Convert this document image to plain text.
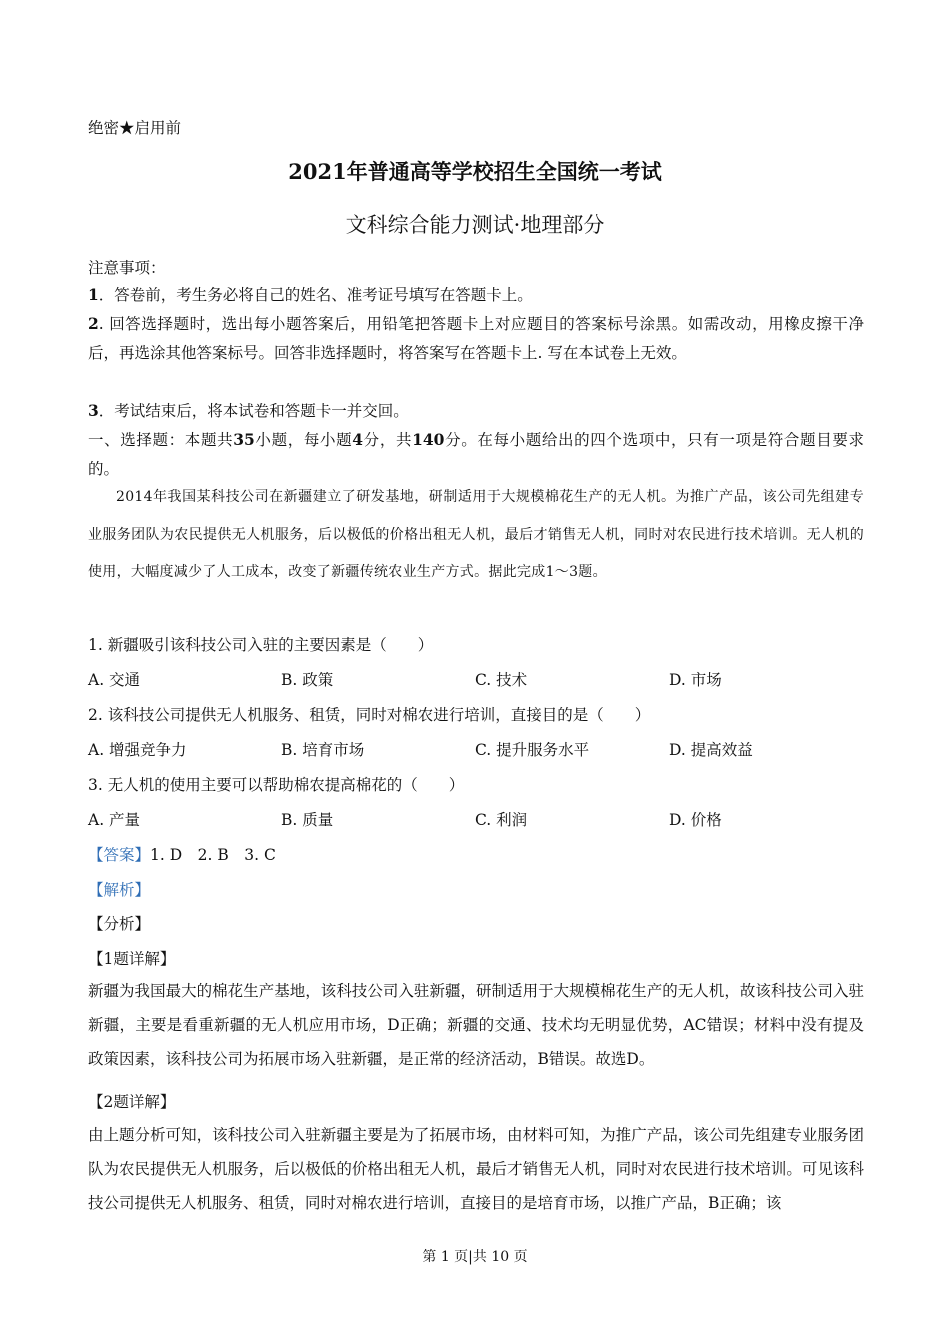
绝密★启用前
2021年普通高等学校招生全国统一考试
文科综合能力测试·地理部分
注意事项：
1．答卷前，考生务必将自己的姓名、准考证号填写在答题卡上。
2. 回答选择题时，选出每小题答案后，用铅笔把答题卡上对应题目的答案标号涂黑。如需改动，用橡皮擦干净后，再选涂其他答案标号。回答非选择题时，将答案写在答题卡上. 写在本试卷上无效。
3．考试结束后，将本试卷和答题卡一并交回。
一、选择题：本题共35小题，每小题4分，共140分。在每小题给出的四个选项中，只有一项是符合题目要求的。
2014年我国某科技公司在新疆建立了研发基地，研制适用于大规模棉花生产的无人机。为推广产品，该公司先组建专业服务团队为农民提供无人机服务，后以极低的价格出租无人机，最后才销售无人机，同时对农民进行技术培训。无人机的使用，大幅度减少了人工成本，改变了新疆传统农业生产方式。据此完成1～3题。
1. 新疆吸引该科技公司入驻的主要因素是（　　）
A. 交通	B. 政策	C. 技术	D. 市场
2. 该科技公司提供无人机服务、租赁，同时对棉农进行培训，直接目的是（　　）
A. 增强竞争力	B. 培育市场	C. 提升服务水平	D. 提高效益
3. 无人机的使用主要可以帮助棉农提高棉花的（　　）
A. 产量	B. 质量	C. 利润	D. 价格
【答案】1. D　2. B　3. C
【解析】
【分析】
【1题详解】
新疆为我国最大的棉花生产基地，该科技公司入驻新疆，研制适用于大规模棉花生产的无人机，故该科技公司入驻新疆，主要是看重新疆的无人机应用市场，D正确；新疆的交通、技术均无明显优势，AC错误；材料中没有提及政策因素，该科技公司为拓展市场入驻新疆，是正常的经济活动，B错误。故选D。
【2题详解】
由上题分析可知，该科技公司入驻新疆主要是为了拓展市场，由材料可知，为推广产品，该公司先组建专业服务团队为农民提供无人机服务，后以极低的价格出租无人机，最后才销售无人机，同时对农民进行技术培训。可见该科技公司提供无人机服务、租赁，同时对棉农进行培训，直接目的是培育市场，以推广产品，B正确；该
第 1 页|共 10 页
